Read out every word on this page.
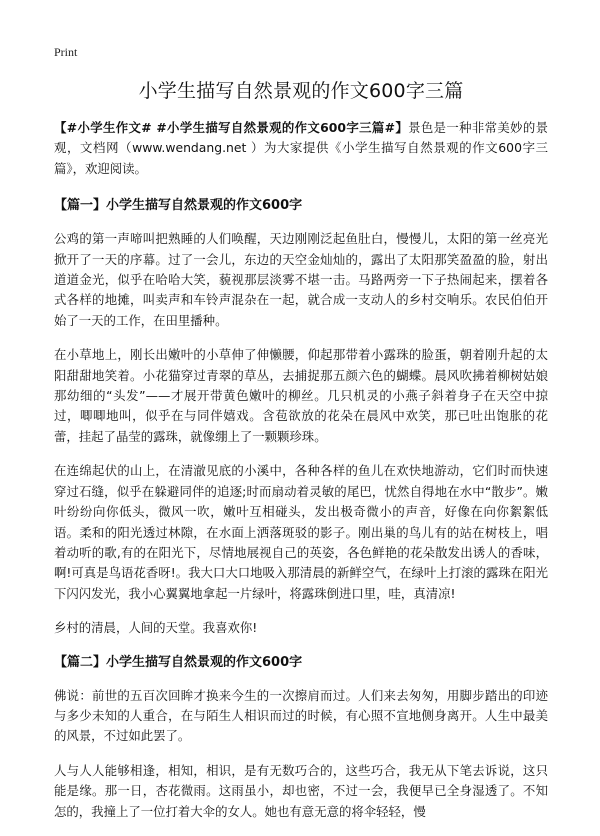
Print
小学生描写自然景观的作文600字三篇

【#小学生作文# #小学生描写自然景观的作文600字三篇#】景色是一种非常美妙的景观，文档网（www.wendang.net ）为大家提供《小学生描写自然景观的作文600字三篇》，欢迎阅读。

【篇一】小学生描写自然景观的作文600字

公鸡的第一声啼叫把熟睡的人们唤醒，天边刚刚泛起鱼肚白，慢慢儿，太阳的第一丝亮光掀开了一天的序幕。过了一会儿，东边的天空金灿灿的，露出了太阳那笑盈盈的脸，射出道道金光，似乎在哈哈大笑，藐视那层淡雾不堪一击。马路两旁一下子热闹起来，摆着各式各样的地摊，叫卖声和车铃声混杂在一起，就合成一支动人的乡村交响乐。农民伯伯开始了一天的工作，在田里播种。

在小草地上，刚长出嫩叶的小草伸了伸懒腰，仰起那带着小露珠的脸蛋，朝着刚升起的太阳甜甜地笑着。小花猫穿过青翠的草丛，去捕捉那五颜六色的蝴蝶。晨风吹拂着柳树姑娘那幼细的“头发”——才展开带黄色嫩叶的柳丝。几只机灵的小燕子斜着身子在天空中掠过，唧唧地叫，似乎在与同伴嬉戏。含苞欲放的花朵在晨风中欢笑，那已吐出饱胀的花蕾，挂起了晶莹的露珠，就像绷上了一颗颗珍珠。

在连绵起伏的山上，在清澈见底的小溪中，各种各样的鱼儿在欢快地游动，它们时而快速穿过石缝，似乎在躲避同伴的追逐;时而扇动着灵敏的尾巴，忧然自得地在水中“散步”。嫩叶纷纷向你低头，微风一吹，嫩叶互相碰头，发出极奇微小的声音，好像在向你絮絮低语。柔和的阳光透过林隙，在水面上洒落斑驳的影子。刚出巢的鸟儿有的站在树枝上，唱着动听的歌,有的在阳光下，尽情地展视自己的英姿，各色鲜艳的花朵散发出诱人的香味，啊!可真是鸟语花香呀!。我大口大口地吸入那清晨的新鲜空气，在绿叶上打滚的露珠在阳光下闪闪发光，我小心翼翼地拿起一片绿叶，将露珠倒进口里，哇，真清凉!

乡村的清晨，人间的天堂。我喜欢你!

【篇二】小学生描写自然景观的作文600字

佛说：前世的五百次回眸才换来今生的一次擦肩而过。人们来去匆匆，用脚步踏出的印迹与多少未知的人重合，在与陌生人相识而过的时候，有心照不宣地侧身离开。人生中最美的风景，不过如此罢了。

人与人人能够相逢，相知，相识，是有无数巧合的，这些巧合，我无从下笔去诉说，这只能是缘。那一日，杏花微雨。这雨虽小，却也密，不过一会，我便早已全身湿透了。不知怎的，我撞上了一位打着大伞的女人。她也有意无意的将伞轻轻，慢
